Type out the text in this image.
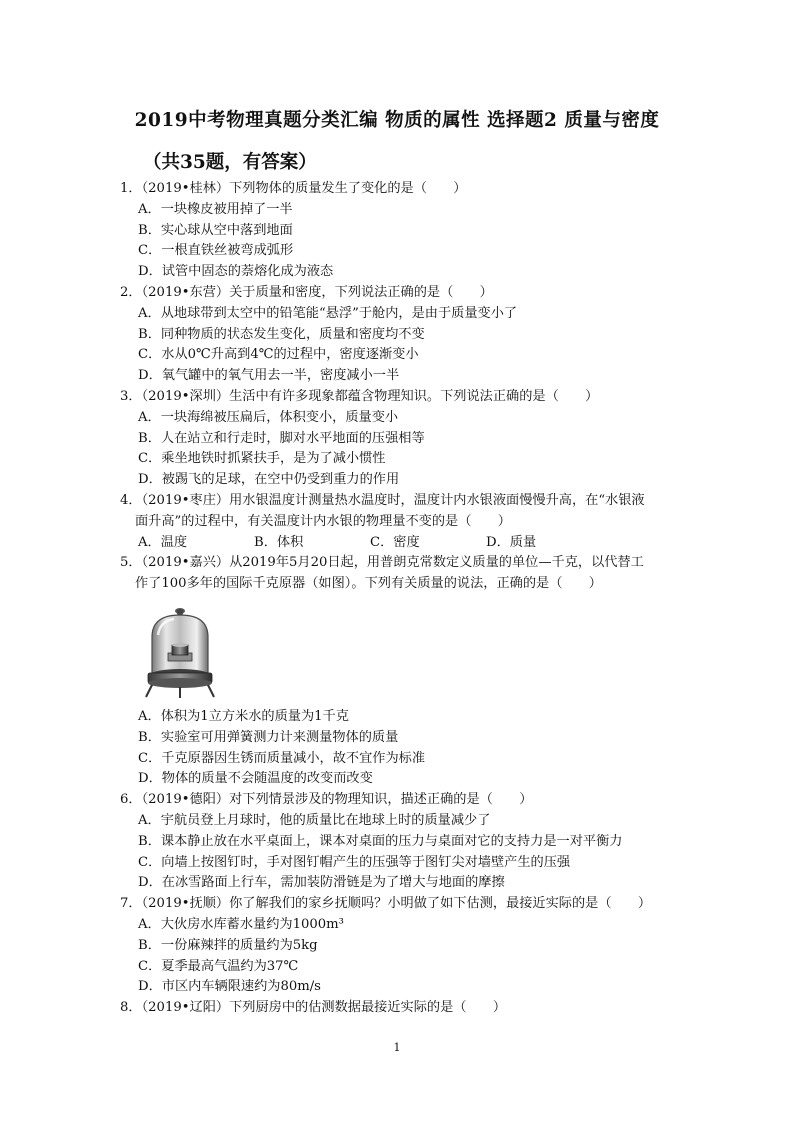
2019中考物理真题分类汇编 物质的属性 选择题2 质量与密度
（共35题，有答案）
1．（2019•桂林）下列物体的质量发生了变化的是（　　）
A．一块橡皮被用掉了一半
B．实心球从空中落到地面
C．一根直铁丝被弯成弧形
D．试管中固态的萘熔化成为液态
2．（2019•东营）关于质量和密度，下列说法正确的是（　　）
A．从地球带到太空中的铅笔能“悬浮”于舱内，是由于质量变小了
B．同种物质的状态发生变化，质量和密度均不变
C．水从0℃升高到4℃的过程中，密度逐渐变小
D．氧气罐中的氧气用去一半，密度减小一半
3．（2019•深圳）生活中有许多现象都蕴含物理知识。下列说法正确的是（　　）
A．一块海绵被压扁后，体积变小，质量变小
B．人在站立和行走时，脚对水平地面的压强相等
C．乘坐地铁时抓紧扶手，是为了减小惯性
D．被踢飞的足球，在空中仍受到重力的作用
4．（2019•枣庄）用水银温度计测量热水温度时，温度计内水银液面慢慢升高，在“水银液
面升高”的过程中，有关温度计内水银的物理量不变的是（　　）
A．温度	B．体积	C．密度	D．质量
5．（2019•嘉兴）从2019年5月20日起，用普朗克常数定义质量的单位—千克，以代替工
作了100多年的国际千克原器（如图）。下列有关质量的说法，正确的是（　　）
A．体积为1立方米水的质量为1千克
B．实验室可用弹簧测力计来测量物体的质量
C．千克原器因生锈而质量减小，故不宜作为标准
D．物体的质量不会随温度的改变而改变
6．（2019•德阳）对下列情景涉及的物理知识，描述正确的是（　　）
A．宇航员登上月球时，他的质量比在地球上时的质量减少了
B．课本静止放在水平桌面上，课本对桌面的压力与桌面对它的支持力是一对平衡力
C．向墙上按图钉时，手对图钉帽产生的压强等于图钉尖对墙壁产生的压强
D．在冰雪路面上行车，需加装防滑链是为了增大与地面的摩擦
7．（2019•抚顺）你了解我们的家乡抚顺吗？小明做了如下估测，最接近实际的是（　　）
A．大伙房水库蓄水量约为1000m³
B．一份麻辣拌的质量约为5kg
C．夏季最高气温约为37℃
D．市区内车辆限速约为80m/s
8．（2019•辽阳）下列厨房中的估测数据最接近实际的是（　　）
1
